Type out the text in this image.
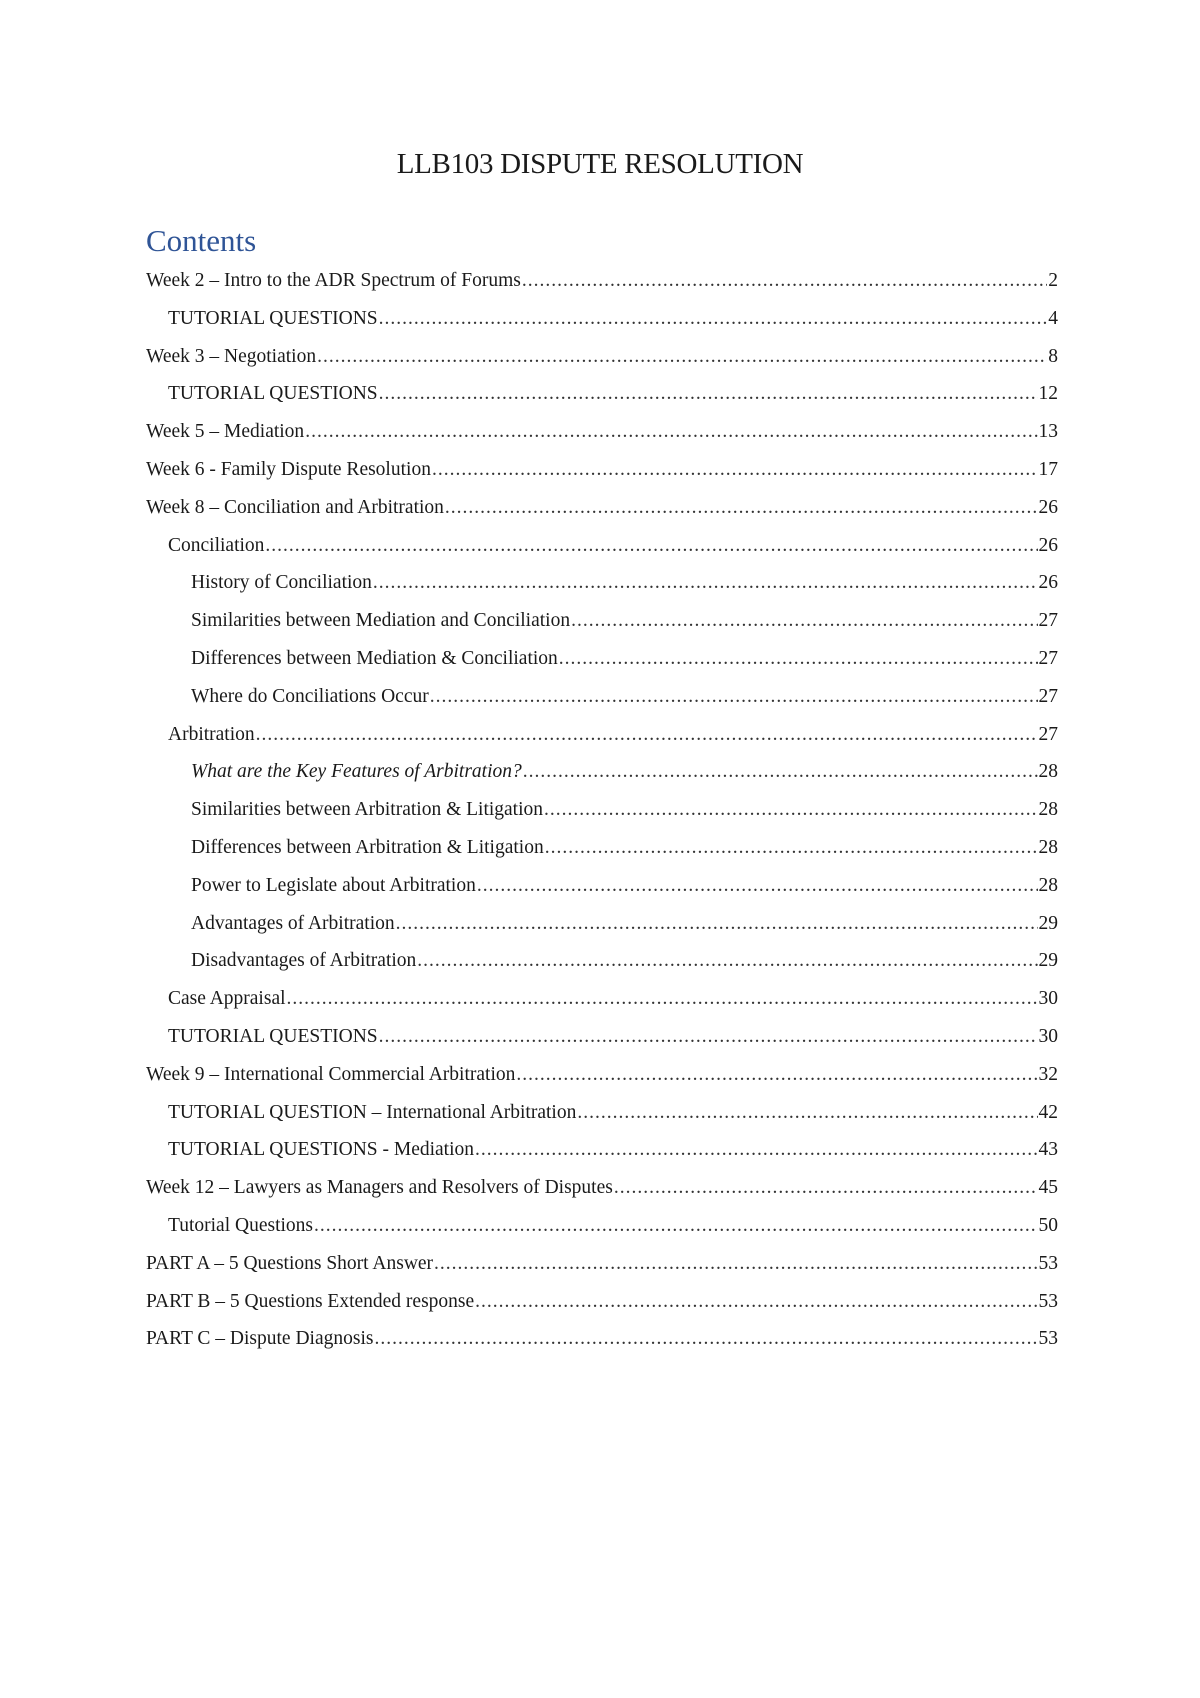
LLB103 DISPUTE RESOLUTION
Contents
Week 2 – Intro to the ADR Spectrum of Forums .....	2
TUTORIAL QUESTIONS .....	4
Week 3 – Negotiation .....	8
TUTORIAL QUESTIONS .....	12
Week 5 – Mediation .....	13
Week 6 - Family Dispute Resolution .....	17
Week 8 – Conciliation and Arbitration .....	26
Conciliation .....	26
History of Conciliation .....	26
Similarities between Mediation and Conciliation .....	27
Differences between Mediation & Conciliation .....	27
Where do Conciliations Occur .....	27
Arbitration .....	27
What are the Key Features of Arbitration? .....	28
Similarities between Arbitration & Litigation .....	28
Differences between Arbitration & Litigation .....	28
Power to Legislate about Arbitration .....	28
Advantages of Arbitration .....	29
Disadvantages of Arbitration .....	29
Case Appraisal .....	30
TUTORIAL QUESTIONS .....	30
Week 9 – International Commercial Arbitration .....	32
TUTORIAL QUESTION – International Arbitration .....	42
TUTORIAL QUESTIONS - Mediation .....	43
Week 12 – Lawyers as Managers and Resolvers of Disputes .....	45
Tutorial Questions .....	50
PART A – 5 Questions Short Answer .....	53
PART B – 5 Questions Extended response .....	53
PART C – Dispute Diagnosis .....	53
